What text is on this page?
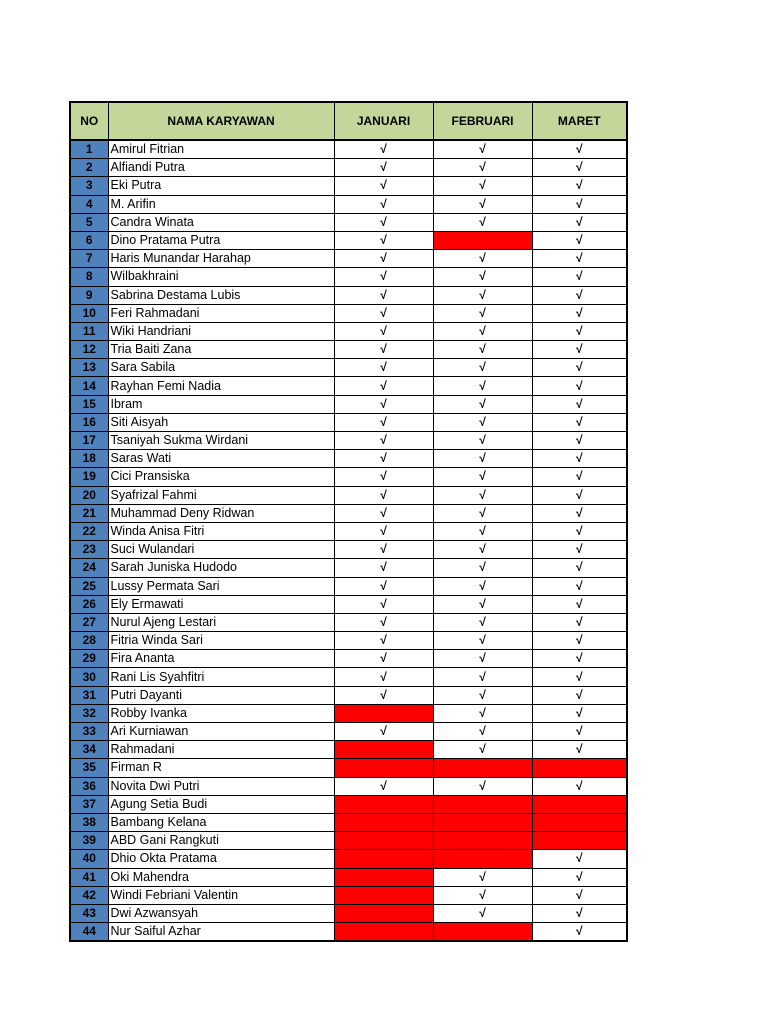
NO	NAMA KARYAWAN	JANUARI	FEBRUARI	MARET
1	Amirul Fitrian	√	√	√
2	Alfiandi Putra	√	√	√
3	Eki Putra	√	√	√
4	M. Arifin	√	√	√
5	Candra Winata	√	√	√
6	Dino Pratama Putra	√		√
7	Haris Munandar Harahap	√	√	√
8	Wilbakhraini	√	√	√
9	Sabrina Destama Lubis	√	√	√
10	Feri Rahmadani	√	√	√
11	Wiki Handriani	√	√	√
12	Tria Baiti Zana	√	√	√
13	Sara Sabila	√	√	√
14	Rayhan Femi Nadia	√	√	√
15	Ibram	√	√	√
16	Siti Aisyah	√	√	√
17	Tsaniyah Sukma Wirdani	√	√	√
18	Saras Wati	√	√	√
19	Cici Pransiska	√	√	√
20	Syafrizal Fahmi	√	√	√
21	Muhammad Deny Ridwan	√	√	√
22	Winda Anisa Fitri	√	√	√
23	Suci Wulandari	√	√	√
24	Sarah Juniska Hudodo	√	√	√
25	Lussy Permata Sari	√	√	√
26	Ely Ermawati	√	√	√
27	Nurul Ajeng Lestari	√	√	√
28	Fitria Winda Sari	√	√	√
29	Fira Ananta	√	√	√
30	Rani Lis Syahfitri	√	√	√
31	Putri Dayanti	√	√	√
32	Robby Ivanka		√	√
33	Ari Kurniawan	√	√	√
34	Rahmadani		√	√
35	Firman R			
36	Novita Dwi Putri	√	√	√
37	Agung Setia Budi			
38	Bambang Kelana			
39	ABD Gani Rangkuti			
40	Dhio Okta Pratama			√
41	Oki Mahendra		√	√
42	Windi Febriani Valentin		√	√
43	Dwi Azwansyah		√	√
44	Nur Saiful Azhar			√
